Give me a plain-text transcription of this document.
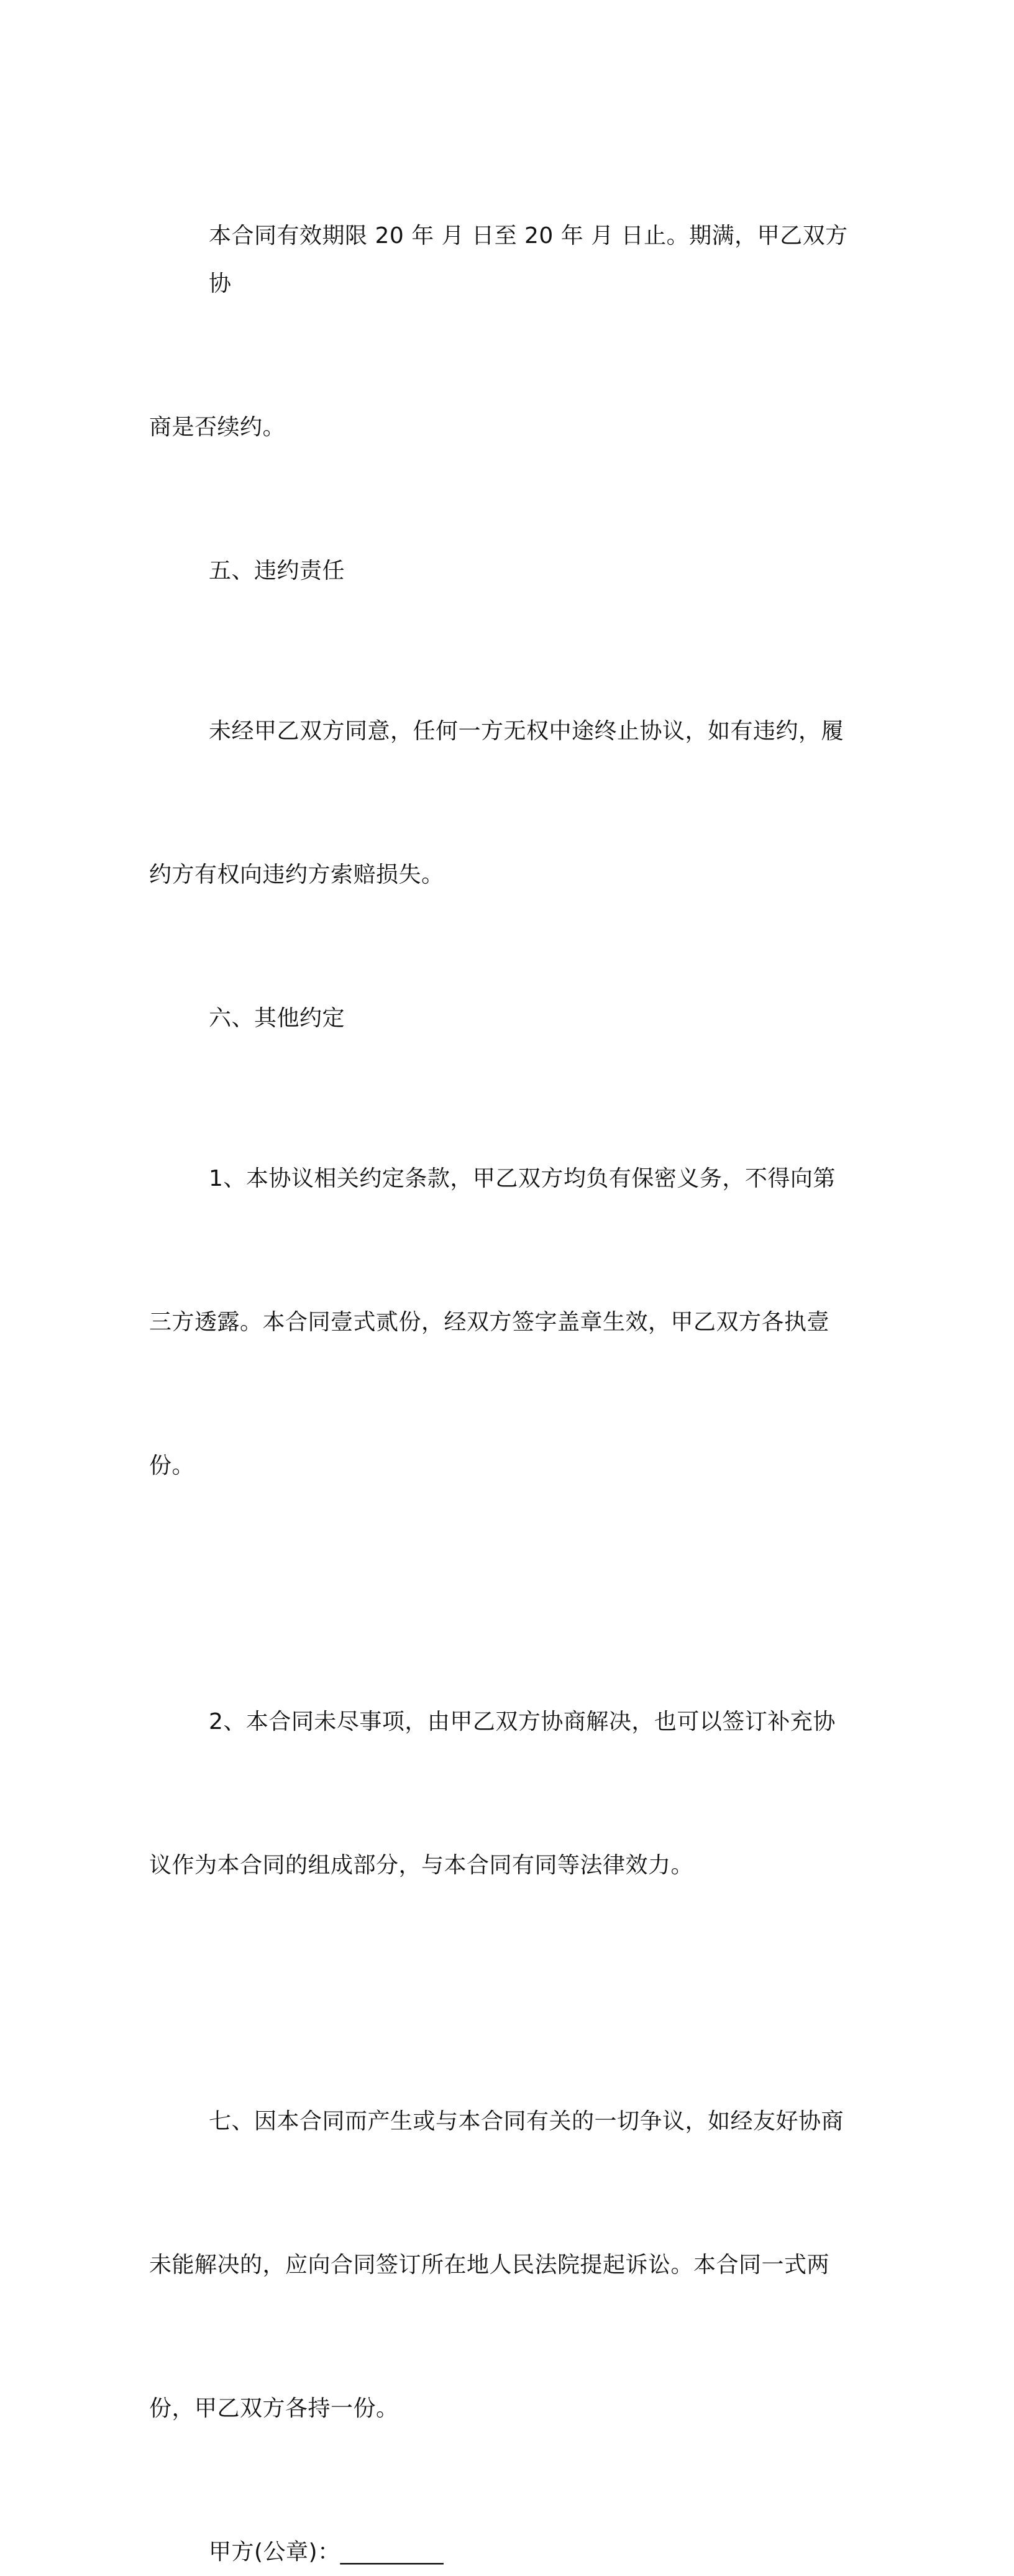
本合同有效期限 20 年 月 日至 20 年 月 日止。期满，甲乙双方协

商是否续约。

五、违约责任

未经甲乙双方同意，任何一方无权中途终止协议，如有违约，履

约方有权向违约方索赔损失。

六、其他约定

1、本协议相关约定条款，甲乙双方均负有保密义务，不得向第

三方透露。本合同壹式贰份，经双方签字盖章生效，甲乙双方各执壹

份。

2、本合同未尽事项，由甲乙双方协商解决，也可以签订补充协

议作为本合同的组成部分，与本合同有同等法律效力。

七、因本合同而产生或与本合同有关的一切争议，如经友好协商

未能解决的，应向合同签订所在地人民法院提起诉讼。本合同一式两

份，甲乙双方各持一份。

甲方(公章)：_________
